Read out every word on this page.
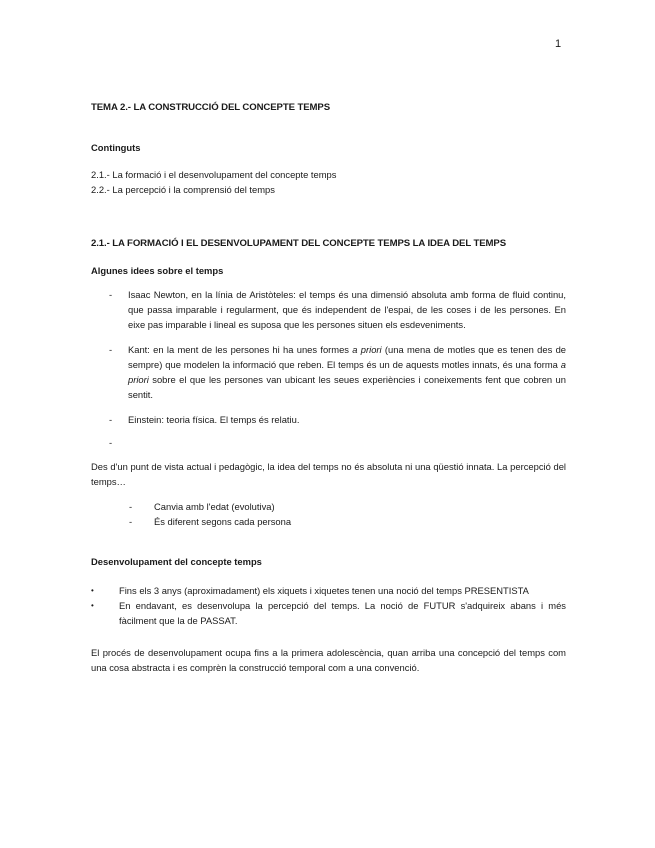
1

TEMA 2.- LA CONSTRUCCIÓ DEL CONCEPTE TEMPS

Continguts

2.1.- La formació i el desenvolupament del concepte temps

2.2.- La percepció i la comprensió del temps

2.1.- LA FORMACIÓ I EL DESENVOLUPAMENT DEL CONCEPTE TEMPS LA IDEA DEL TEMPS

Algunes idees sobre el temps

- Isaac Newton, en la línia de Aristòteles: el temps és una dimensió absoluta amb forma de fluid continu, que passa imparable i regularment, que és independent de l'espai, de les coses i de les persones. En eixe pas imparable i lineal es suposa que les persones situen els esdeveniments.
- Kant: en la ment de les persones hi ha unes formes a priori (una mena de motles que es tenen des de sempre) que modelen la informació que reben. El temps és un de aquests motles innats, és una forma a priori sobre el que les persones van ubicant les seues experiències i coneixements fent que cobren un sentit.
- Einstein: teoria física. El temps és relatiu.
-

Des d'un punt de vista actual i pedagògic, la idea del temps no és absoluta ni una qüestió innata. La percepció del temps…

- Canvia amb l'edat (evolutiva)
- És diferent segons cada persona

Desenvolupament del concepte temps

•	Fins els 3 anys (aproximadament) els xiquets i xiquetes tenen una noció del temps PRESENTISTA
•	En endavant, es desenvolupa la percepció del temps. La noció de FUTUR s'adquireix abans i més fàcilment que la de PASSAT.

El procés de desenvolupament ocupa fins a la primera adolescència, quan arriba una concepció del temps com una cosa abstracta i es comprèn la construcció temporal com a una convenció.
